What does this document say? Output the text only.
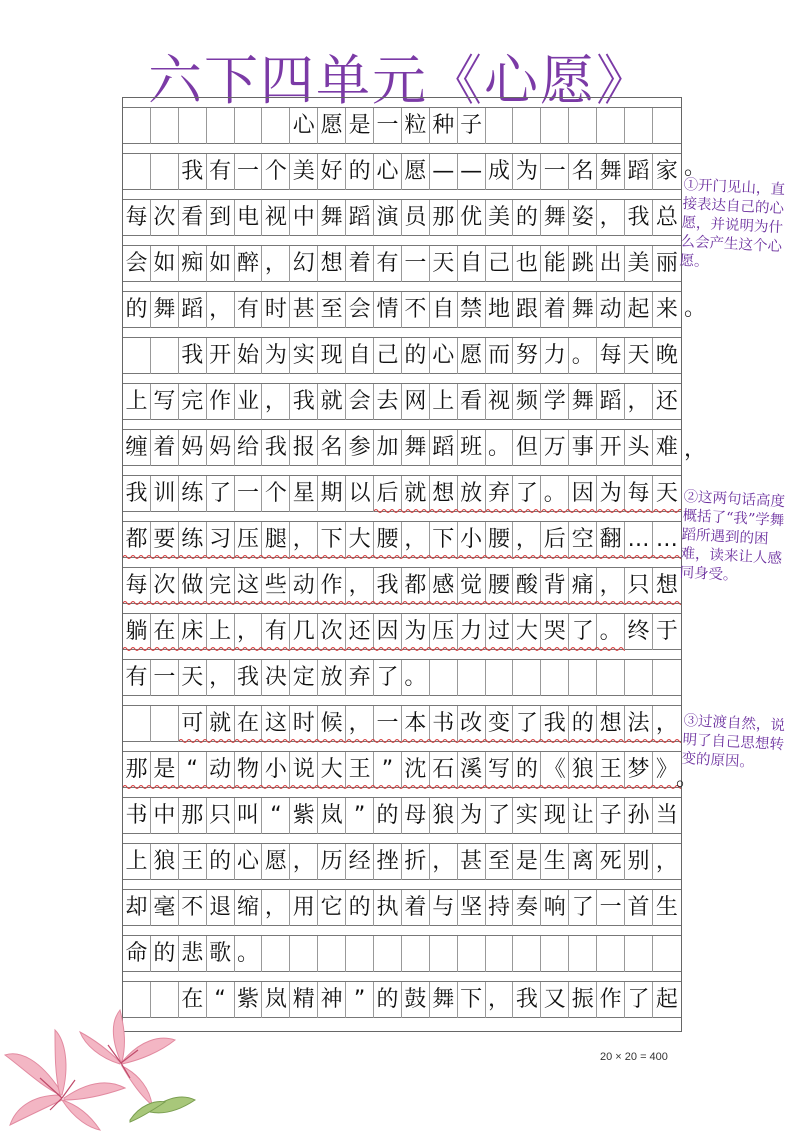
六下四单元《心愿》
心 愿 是 一 粒 种 子
我 有 一 个 美 好 的 心 愿 — — 成 为 一 名 舞 蹈 家
每 次 看 到 电 视 中 舞 蹈 演 员 那 优 美 的 舞 姿 ， 我 总
会 如 痴 如 醉 ， 幻 想 着 有 一 天 自 己 也 能 跳 出 美 丽
的 舞 蹈 ， 有 时 甚 至 会 情 不 自 禁 地 跟 着 舞 动 起 来
我 开 始 为 实 现 自 己 的 心 愿 而 努 力 。 每 天 晚
上 写 完 作 业 ， 我 就 会 去 网 上 看 视 频 学 舞 蹈 ， 还
缠 着 妈 妈 给 我 报 名 参 加 舞 蹈 班 。 但 万 事 开 头 难
我 训 练 了 一 个 星 期 以 后 就 想 放 弃 了 。 因 为 每 天
都 要 练 习 压 腿 ， 下 大 腰 ， 下 小 腰 ， 后 空 翻 … …
每 次 做 完 这 些 动 作 ， 我 都 感 觉 腰 酸 背 痛 ， 只 想
躺 在 床 上 ， 有 几 次 还 因 为 压 力 过 大 哭 了 。 终 于
有 一 天 ， 我 决 定 放 弃 了 。
可 就 在 这 时 候 ， 一 本 书 改 变 了 我 的 想 法 ，
那 是 “ 动 物 小 说 大 王 ” 沈 石 溪 写 的 《 狼 王 梦 》
书 中 那 只 叫 “ 紫 岚 ” 的 母 狼 为 了 实 现 让 子 孙 当
上 狼 王 的 心 愿 ， 历 经 挫 折 ， 甚 至 是 生 离 死 别 ，
却 毫 不 退 缩 ， 用 它 的 执 着 与 坚 持 奏 响 了 一 首 生
命 的 悲 歌 。
在 “ 紫 岚 精 神 ” 的 鼓 舞 下 ， 我 又 振 作 了 起
。
。
，
。
①开门见山，直接表达自己的心愿，并说明为什么会产生这个心愿。
②这两句话高度概括了“我”学舞蹈所遇到的困难，读来让人感同身受。
③过渡自然，说明了自己思想转变的原因。
20 × 20 = 400
